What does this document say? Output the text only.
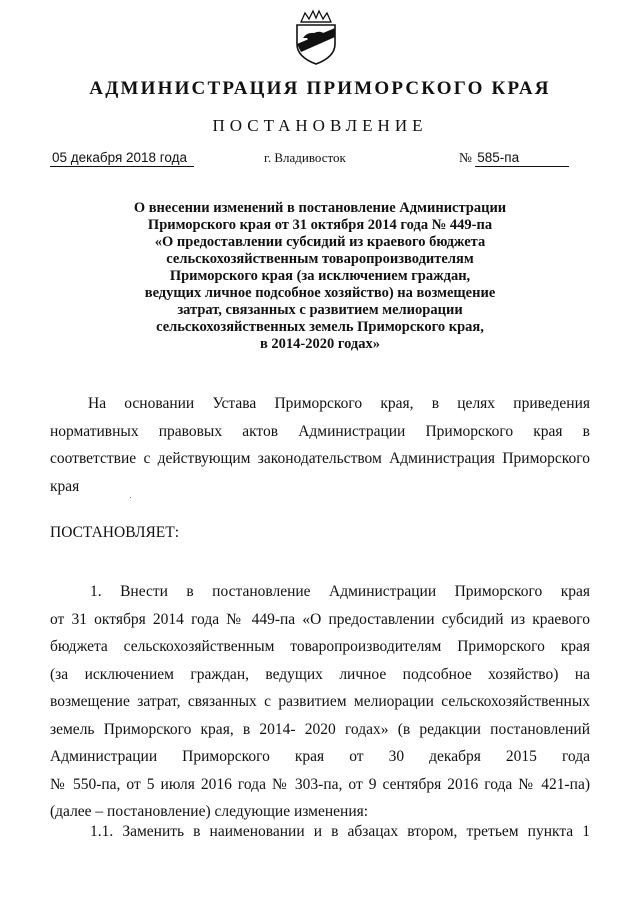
АДМИНИСТРАЦИЯ ПРИМОРСКОГО КРАЯ
ПОСТАНОВЛЕНИЕ
05 декабря 2018 года	г. Владивосток	№ 585-па
О внесении изменений в постановление Администрации
Приморского края от 31 октября 2014 года № 449-па
«О предоставлении субсидий из краевого бюджета
сельскохозяйственным товаропроизводителям
Приморского края (за исключением граждан,
ведущих личное подсобное хозяйство) на возмещение
затрат, связанных с развитием мелиорации
сельскохозяйственных земель Приморского края,
в 2014-2020 годах»
На основании Устава Приморского края, в целях приведения
нормативных правовых актов Администрации Приморского края в
соответствие с действующим законодательством Администрация Приморского
края
ПОСТАНОВЛЯЕТ:
1. Внести в постановление Администрации Приморского края
от 31 октября 2014 года № 449-па «О предоставлении субсидий из краевого
бюджета сельскохозяйственным товаропроизводителям Приморского края
(за исключением граждан, ведущих личное подсобное хозяйство) на
возмещение затрат, связанных с развитием мелиорации сельскохозяйственных
земель Приморского края, в 2014- 2020 годах» (в редакции постановлений
Администрации Приморского края от 30 декабря 2015 года
№ 550-па, от 5 июля 2016 года № 303-па, от 9 сентября 2016 года № 421-па)
(далее – постановление) следующие изменения:
1.1. Заменить в наименовании и в абзацах втором, третьем пункта 1
